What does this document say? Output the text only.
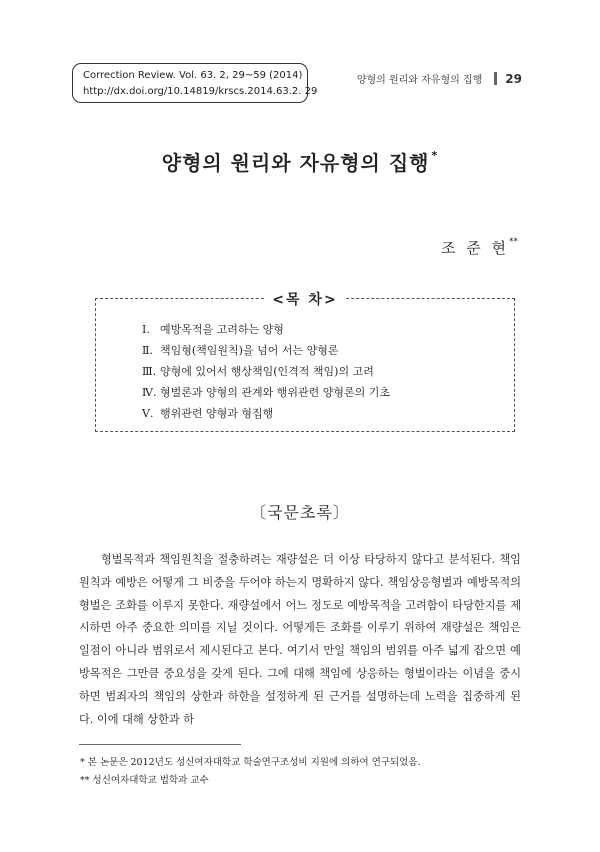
Correction Review. Vol. 63. 2, 29~59 (2014)
http://dx.doi.org/10.14819/krscs.2014.63.2. 29
양형의 원리와 자유형의 집행 29
양형의 원리와 자유형의 집행 *
조 준 현**
<목 차>
Ⅰ. 예방목적을 고려하는 양형
Ⅱ. 책임형(책임원칙)을 넘어 서는 양형론
Ⅲ. 양형에 있어서 행상책임(인격적 책임)의 고려
Ⅳ. 형벌론과 양형의 관계와 행위관련 양형론의 기초
Ⅴ. 행위관련 양형과 형집행
〔국문초록〕

형벌목적과 책임원칙을 절충하려는 재량설은 더 이상 타당하지 않다고 분석된다. 책임원칙과 예방은 어떻게 그 비중을 두어야 하는지 명확하지 않다. 책임상응형벌과 예방목적의 형벌은 조화를 이루지 못한다. 재량설에서 어느 정도로 예방목적을 고려함이 타당한지를 제시하면 아주 중요한 의미를 지닐 것이다. 어떻게든 조화를 이루기 위하여 재량설은 책임은 일점이 아니라 범위로서 제시된다고 본다. 여기서 만일 책임의 범위를 아주 넓게 잡으면 예방목적은 그만큼 중요성을 갖게 된다. 그에 대해 책임에 상응하는 형벌이라는 이념을 중시하면 범죄자의 책임의 상한과 하한을 설정하게 된 근거를 설명하는데 노력을 집중하게 된다. 이에 대해 상한과 하

* 본 논문은 2012년도 성신여자대학교 학술연구조성비 지원에 의하여 연구되었음.
** 성신여자대학교 법학과 교수
